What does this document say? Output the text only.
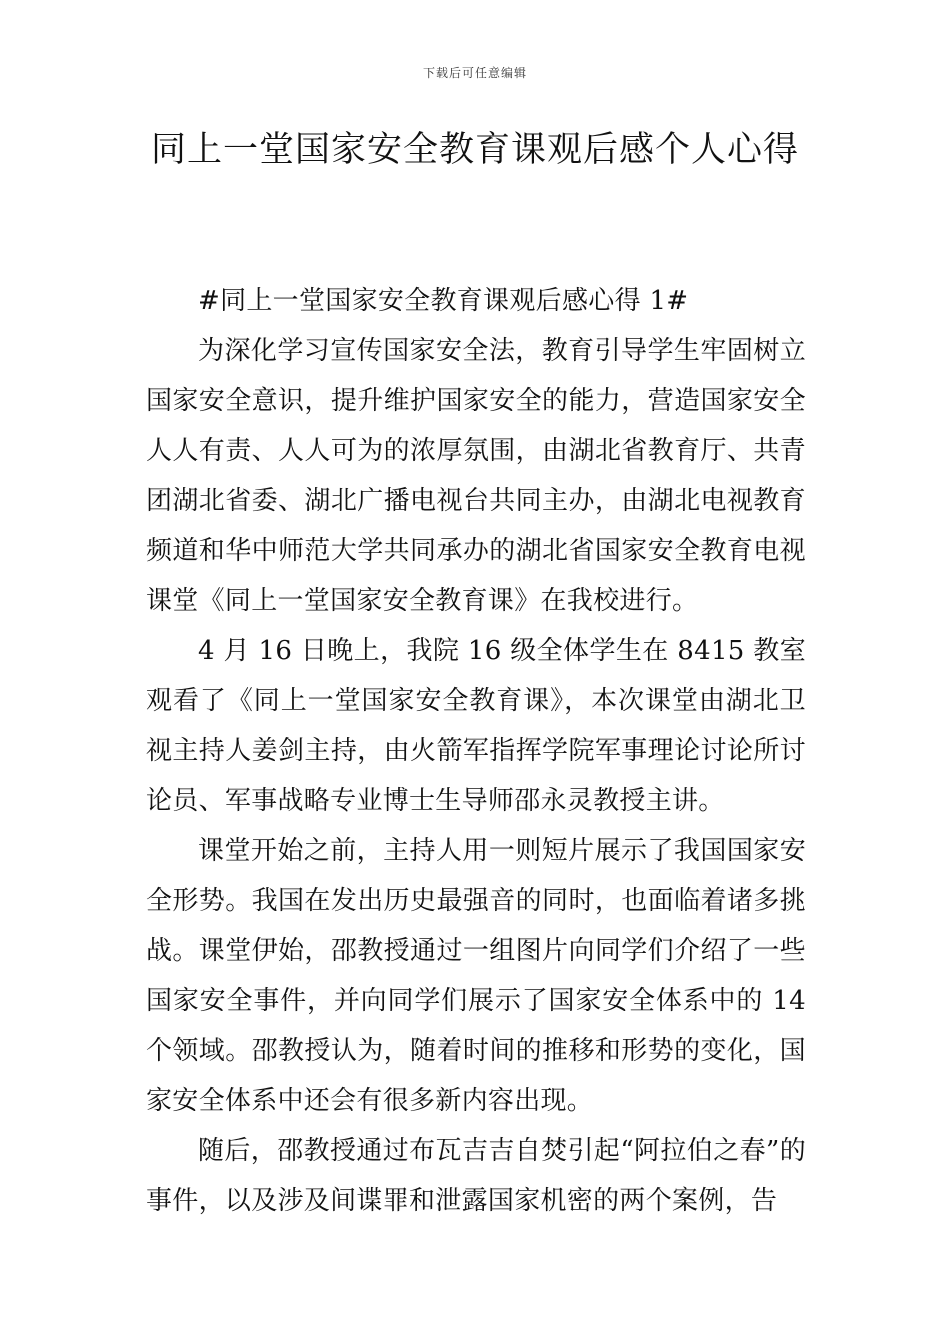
下载后可任意编辑
同上一堂国家安全教育课观后感个人心得

#同上一堂国家安全教育课观后感心得 1#

为深化学习宣传国家安全法，教育引导学生牢固树立国家安全意识，提升维护国家安全的能力，营造国家安全人人有责、人人可为的浓厚氛围，由湖北省教育厅、共青团湖北省委、湖北广播电视台共同主办，由湖北电视教育频道和华中师范大学共同承办的湖北省国家安全教育电视课堂《同上一堂国家安全教育课》在我校进行。

4 月 16 日晚上，我院 16 级全体学生在 8415 教室观看了《同上一堂国家安全教育课》，本次课堂由湖北卫视主持人姜剑主持，由火箭军指挥学院军事理论讨论所讨论员、军事战略专业博士生导师邵永灵教授主讲。

课堂开始之前，主持人用一则短片展示了我国国家安全形势。我国在发出历史最强音的同时，也面临着诸多挑战。课堂伊始，邵教授通过一组图片向同学们介绍了一些国家安全事件，并向同学们展示了国家安全体系中的 14 个领域。邵教授认为，随着时间的推移和形势的变化，国家安全体系中还会有很多新内容出现。

随后，邵教授通过布瓦吉吉自焚引起“阿拉伯之春”的事件，以及涉及间谍罪和泄露国家机密的两个案例，告
